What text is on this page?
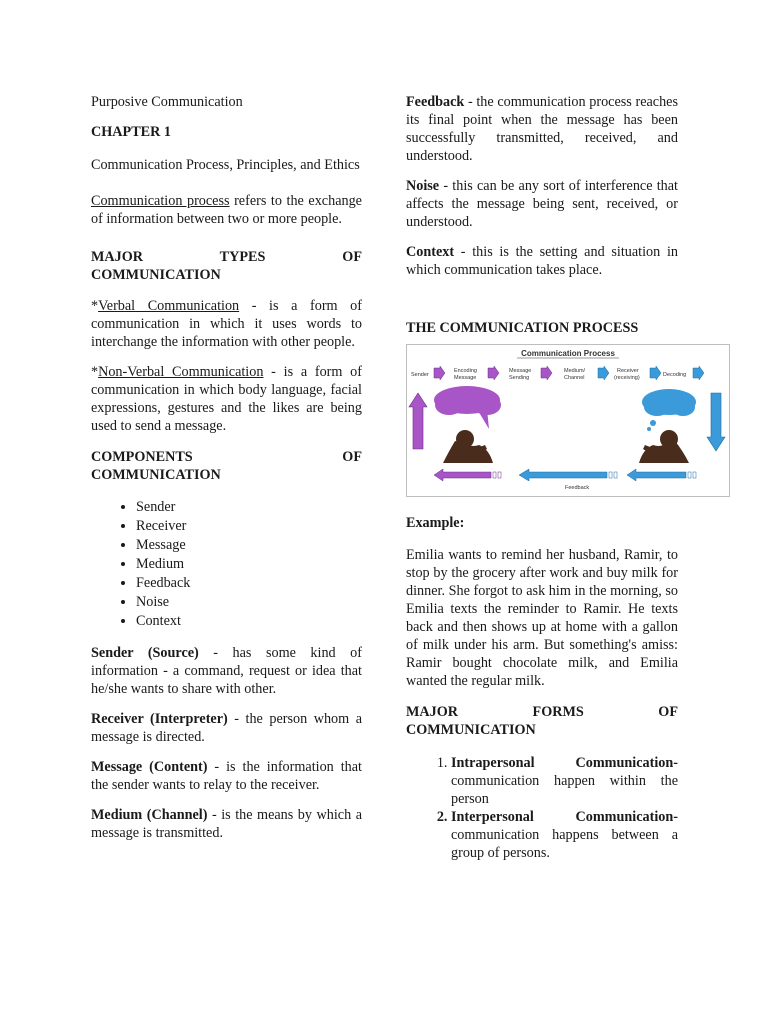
Purposive Communication

CHAPTER 1

Communication Process, Principles, and Ethics

Communication process refers to the exchange of information between two or more people.

MAJOR TYPES OF
COMMUNICATION

*Verbal Communication - is a form of communication in which it uses words to interchange the information with other people.

*Non-Verbal Communication - is a form of communication in which body language, facial expressions, gestures and the likes are being used to send a message.

COMPONENTS OF
COMMUNICATION

• Sender
• Receiver
• Message
• Medium
• Feedback
• Noise
• Context

Sender (Source) - has some kind of information - a command, request or idea that he/she wants to share with other.

Receiver (Interpreter) - the person whom a message is directed.

Message (Content) - is the information that the sender wants to relay to the receiver.

Medium (Channel) - is the means by which a message is transmitted.

Feedback - the communication process reaches its final point when the message has been successfully transmitted, received, and understood.

Noise - this can be any sort of interference that affects the message being sent, received, or understood.

Context - this is the setting and situation in which communication takes place.

THE COMMUNICATION PROCESS

Communication Process
Sender
Encoding
Message
Message
Sending
Medium/
Channel
Receiver
(receiving)	Decoding
Feedback

Example:

Emilia wants to remind her husband, Ramir, to stop by the grocery after work and buy milk for dinner. She forgot to ask him in the morning, so Emilia texts the reminder to Ramir. He texts back and then shows up at home with a gallon of milk under his arm. But something's amiss: Ramir bought chocolate milk, and Emilia wanted the regular milk.

MAJOR FORMS OF
COMMUNICATION

1. Intrapersonal Communication-
communication happen within the
person
2. Interpersonal Communication-
communication happens between a group of persons.
